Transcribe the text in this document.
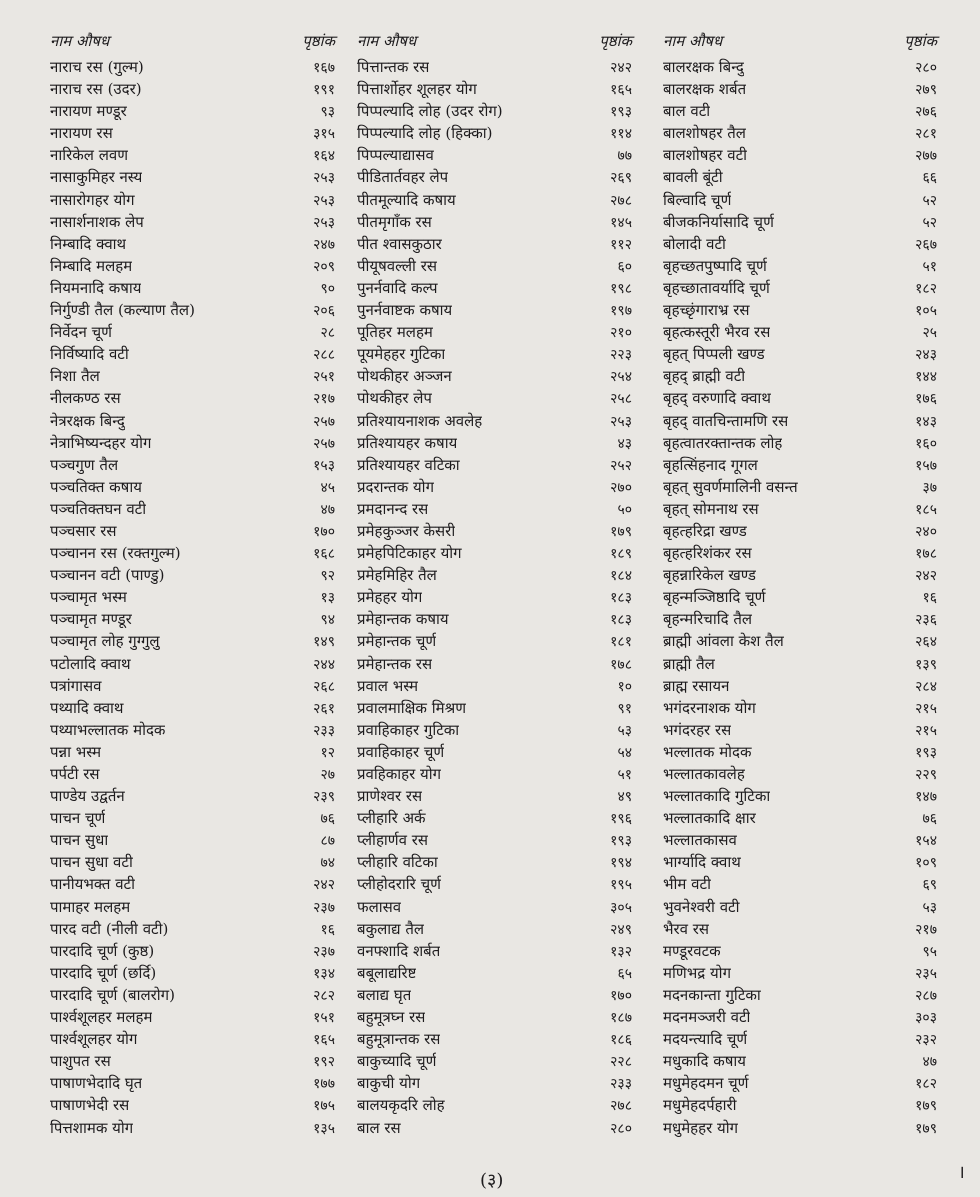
नाम औषध	पृष्ठांक
नाराच रस (गुल्म)	१६७
नाराच रस (उदर)	१९१
नारायण मण्डूर	९३
नारायण रस	३१५
नारिकेल लवण	१६४
नासाकुमिहर नस्य	२५३
नासारोगहर योग	२५३
नासार्शनाशक लेप	२५३
निम्बादि क्वाथ	२४७
निम्बादि मलहम	२०९
नियमनादि कषाय	९०
निर्गुण्डी तैल (कल्याण तैल)	२०६
निर्वेदन चूर्ण	२८
निर्विष्यादि वटी	२८८
निशा तैल	२५१
नीलकण्ठ रस	२१७
नेत्ररक्षक बिन्दु	२५७
नेत्राभिष्यन्दहर योग	२५७
पञ्चगुण तैल	१५३
पञ्चतिक्त कषाय	४५
पञ्चतिक्तघन वटी	४७
पञ्चसार रस	१७०
पञ्चानन रस (रक्तगुल्म)	१६८
पञ्चानन वटी (पाण्डु)	९२
पञ्चामृत भस्म	१३
पञ्चामृत मण्डूर	९४
पञ्चामृत लोह गुग्गुलु	१४९
पटोलादि क्वाथ	२४४
पत्रांगासव	२६८
पथ्यादि क्वाथ	२६१
पथ्याभल्लातक मोदक	२३३
पन्ना भस्म	१२
पर्पटी रस	२७
पाण्डेय उद्वर्तन	२३९
पाचन चूर्ण	७६
पाचन सुधा	८७
पाचन सुधा वटी	७४
पानीयभक्त वटी	२४२
पामाहर मलहम	२३७
पारद वटी (नीली वटी)	१६
पारदादि चूर्ण (कुष्ठ)	२३७
पारदादि चूर्ण (छर्दि)	१३४
पारदादि चूर्ण (बालरोग)	२८२
पार्श्वशूलहर मलहम	१५१
पार्श्वशूलहर योग	१६५
पाशुपत रस	१९२
पाषाणभेदादि घृत	१७७
पाषाणभेदी रस	१७५
पित्तशामक योग	१३५
नाम औषध	पृष्ठांक
पित्तान्तक रस	२४२
पित्तार्शोहर शूलहर योग	१६५
पिप्पल्यादि लोह (उदर रोग)	१९३
पिप्पल्यादि लोह (हिक्का)	११४
पिप्पल्याद्यासव	७७
पीडितार्तवहर लेप	२६९
पीतमूल्यादि कषाय	२७८
पीतमृगाँक रस	१४५
पीत श्वासकुठार	११२
पीयूषवल्ली रस	६०
पुनर्नवादि कल्प	१९८
पुनर्नवाष्टक कषाय	१९७
पूतिहर मलहम	२१०
पूयमेहहर गुटिका	२२३
पोथकीहर अञ्जन	२५४
पोथकीहर लेप	२५८
प्रतिश्यायनाशक अवलेह	२५३
प्रतिश्यायहर कषाय	४३
प्रतिश्यायहर वटिका	२५२
प्रदरान्तक योग	२७०
प्रमदानन्द रस	५०
प्रमेहकुञ्जर केसरी	१७९
प्रमेहपिटिकाहर योग	१८९
प्रमेहमिहिर तैल	१८४
प्रमेहहर योग	१८३
प्रमेहान्तक कषाय	१८३
प्रमेहान्तक चूर्ण	१८१
प्रमेहान्तक रस	१७८
प्रवाल भस्म	१०
प्रवालमाक्षिक मिश्रण	९१
प्रवाहिकाहर गुटिका	५३
प्रवाहिकाहर चूर्ण	५४
प्रवहिकाहर योग	५१
प्राणेश्वर रस	४९
प्लीहारि अर्क	१९६
प्लीहार्णव रस	१९३
प्लीहारि वटिका	१९४
प्लीहोदरारि चूर्ण	१९५
फलासव	३०५
बकुलाद्य तैल	२४९
वनफ्शादि शर्बत	१३२
बबूलाद्यरिष्ट	६५
बलाद्य घृत	१७०
बहुमूत्रघ्न रस	१८७
बहुमूत्रान्तक रस	१८६
बाकुच्यादि चूर्ण	२२८
बाकुची योग	२३३
बालयकृदरि लोह	२७८
बाल रस	२८०
नाम औषध	पृष्ठांक
बालरक्षक बिन्दु	२८०
बालरक्षक शर्बत	२७९
बाल वटी	२७६
बालशोषहर तैल	२८१
बालशोषहर वटी	२७७
बावली बूंटी	६६
बिल्वादि चूर्ण	५२
बीजकनिर्यासादि चूर्ण	५२
बोलादी वटी	२६७
बृहच्छतपुष्पादि चूर्ण	५१
बृहच्छातावर्यादि चूर्ण	१८२
बृहच्छृंगाराभ्र रस	१०५
बृहत्कस्तूरी भैरव रस	२५
बृहत् पिप्पली खण्ड	२४३
बृहद् ब्राह्मी वटी	१४४
बृहद् वरुणादि क्वाथ	१७६
बृहद् वातचिन्तामणि रस	१४३
बृहत्वातरक्तान्तक लोह	१६०
बृहत्सिंहनाद गूगल	१५७
बृहत् सुवर्णमालिनी वसन्त	३७
बृहत् सोमनाथ रस	१८५
बृहत्हरिद्रा खण्ड	२४०
बृहत्हरिशंकर रस	१७८
बृहन्नारिकेल खण्ड	२४२
बृहन्मञ्जिष्ठादि चूर्ण	१६
बृहन्मरिचादि तैल	२३६
ब्राह्मी आंवला केश तैल	२६४
ब्राह्मी तैल	१३९
ब्राह्म रसायन	२८४
भगंदरनाशक योग	२१५
भगंदरहर रस	२१५
भल्लातक मोदक	१९३
भल्लातकावलेह	२२९
भल्लातकादि गुटिका	१४७
भल्लातकादि क्षार	७६
भल्लातकासव	१५४
भार्ग्यादि क्वाथ	१०९
भीम वटी	६९
भुवनेश्वरी वटी	५३
भैरव रस	२१७
मण्डूरवटक	९५
मणिभद्र योग	२३५
मदनकान्ता गुटिका	२८७
मदनमञ्जरी वटी	३०३
मदयन्त्यादि चूर्ण	२३२
मधुकादि कषाय	४७
मधुमेहदमन चूर्ण	१८२
मधुमेहदर्पहारी	१७९
मधुमेहहर योग	१७९
(३)	।
